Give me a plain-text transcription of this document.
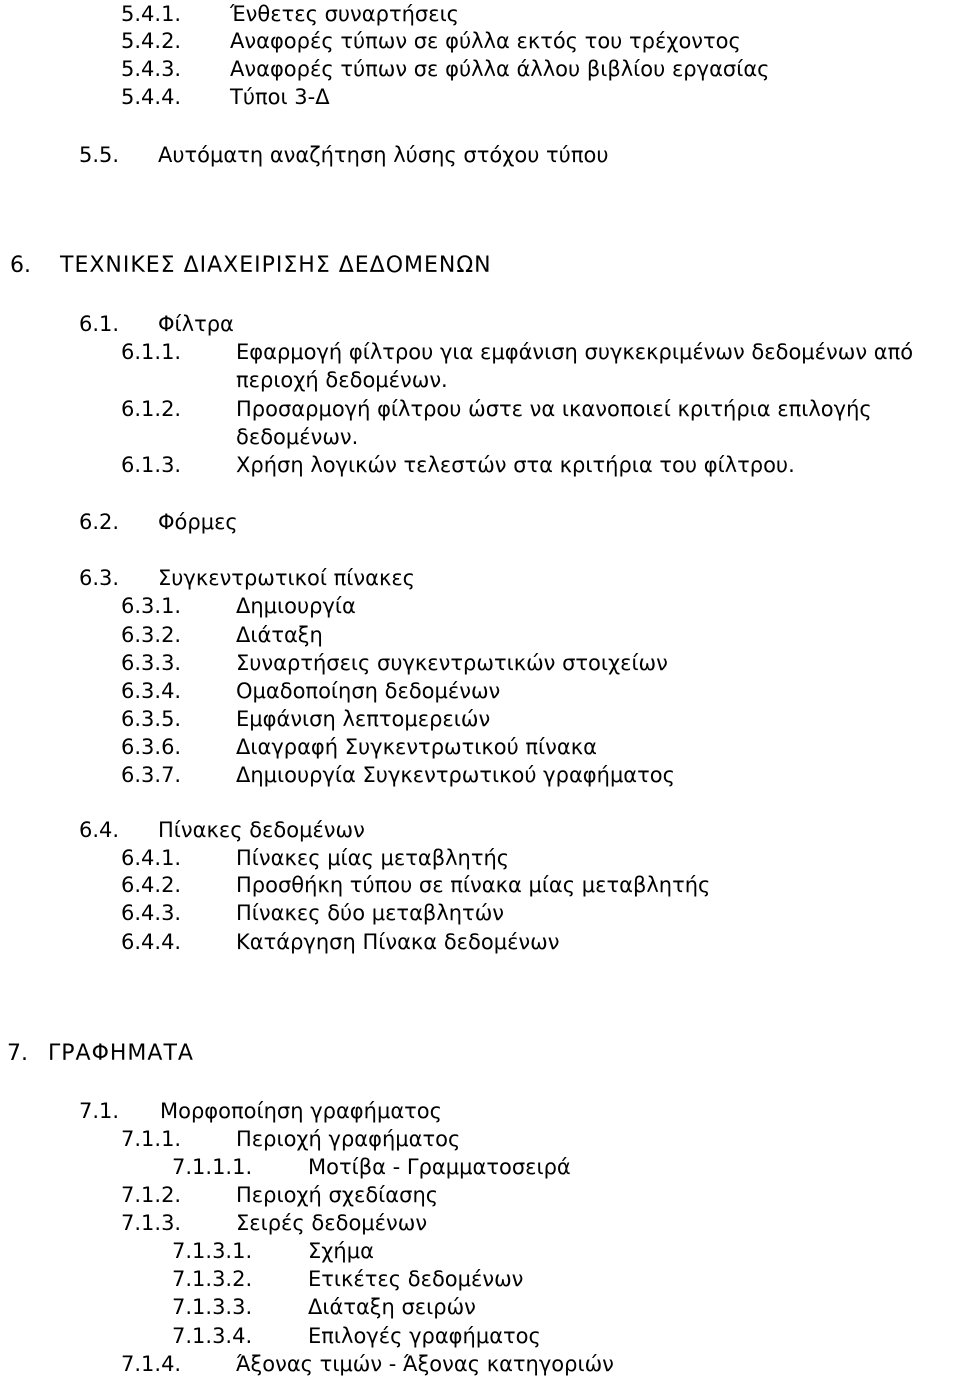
5.4.1. Ένθετες συναρτήσεις
5.4.2. Αναφορές τύπων σε φύλλα εκτός του τρέχοντος
5.4.3. Αναφορές τύπων σε φύλλα άλλου βιβλίου εργασίας
5.4.4. Τύποι 3-Δ
5.5. Αυτόματη αναζήτηση λύσης στόχου τύπου
6. ΤΕΧΝΙΚΕΣ ΔΙΑΧΕΙΡΙΣΗΣ ΔΕΔΟΜΕΝΩΝ
6.1. Φίλτρα
6.1.1.	Εφαρμογή φίλτρου για εμφάνιση συγκεκριμένων δεδομένων από
περιοχή δεδομένων.
6.1.2.	Προσαρμογή φίλτρου ώστε να ικανοποιεί κριτήρια επιλογής
δεδομένων.
6.1.3.	Χρήση λογικών τελεστών στα κριτήρια του φίλτρου.
6.2. Φόρμες
6.3. Συγκεντρωτικοί πίνακες
6.3.1.	Δημιουργία
6.3.2.	Διάταξη
6.3.3.	Συναρτήσεις συγκεντρωτικών στοιχείων
6.3.4.	Ομαδοποίηση δεδομένων
6.3.5.	Εμφάνιση λεπτομερειών
6.3.6.	Διαγραφή Συγκεντρωτικού πίνακα
6.3.7.	Δημιουργία Συγκεντρωτικού γραφήματος
6.4. Πίνακες δεδομένων
6.4.1.	Πίνακες μίας μεταβλητής
6.4.2.	Προσθήκη τύπου σε πίνακα μίας μεταβλητής
6.4.3.	Πίνακες δύο μεταβλητών
6.4.4.	Κατάργηση Πίνακα δεδομένων
7. ΓΡΑΦΗΜΑΤΑ
7.1. Μορφοποίηση γραφήματος
7.1.1.	Περιοχή γραφήματος
7.1.1.1.	Μοτίβα - Γραμματοσειρά
7.1.2.	Περιοχή σχεδίασης
7.1.3.	Σειρές δεδομένων
7.1.3.1.	Σχήμα
7.1.3.2.	Ετικέτες δεδομένων
7.1.3.3.	Διάταξη σειρών
7.1.3.4.	Επιλογές γραφήματος
7.1.4.	Άξονας τιμών - Άξονας κατηγοριών
